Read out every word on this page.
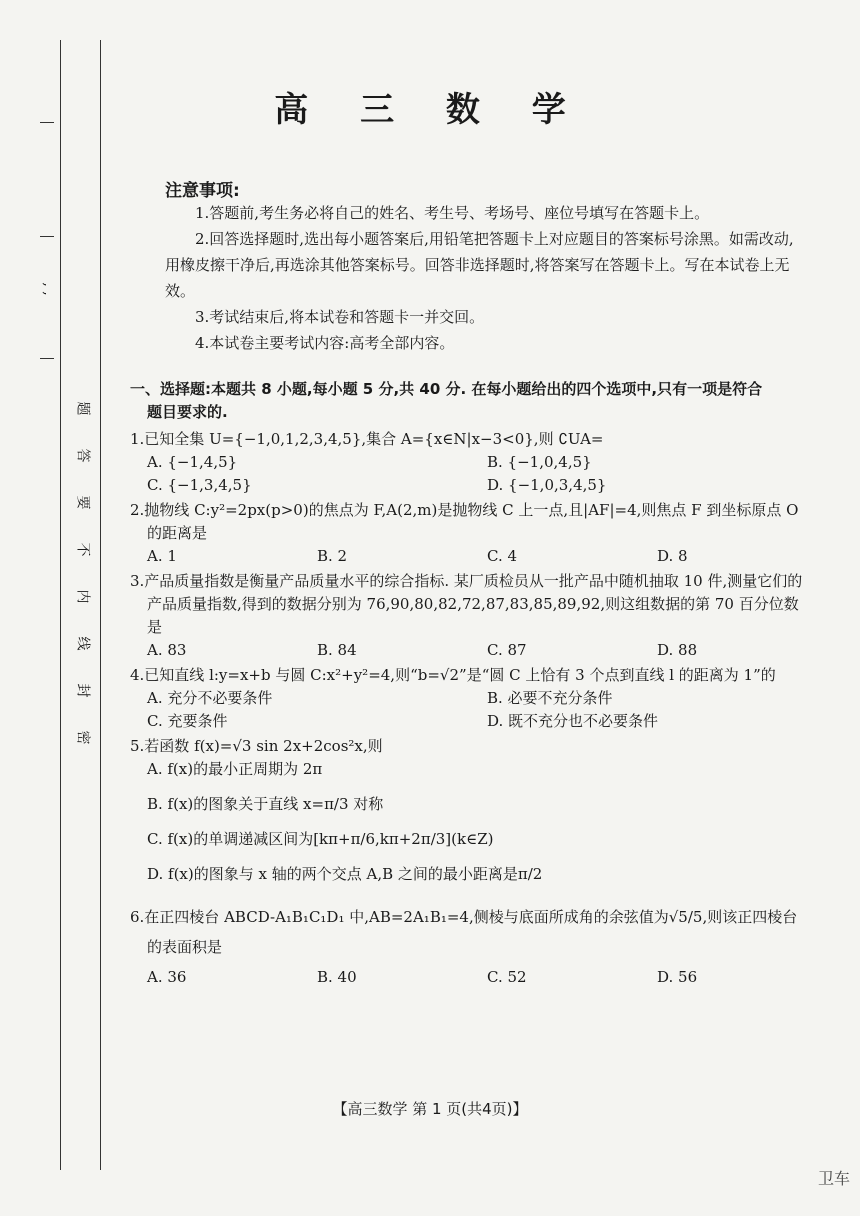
, ,
题
答
要
不
内
线
封
密
高 三 数 学
注意事项:

1.答题前,考生务必将自己的姓名、考生号、考场号、座位号填写在答题卡上。

2.回答选择题时,选出每小题答案后,用铅笔把答题卡上对应题目的答案标号涂黑。如需改动,用橡皮擦干净后,再选涂其他答案标号。回答非选择题时,将答案写在答题卡上。写在本试卷上无效。

3.考试结束后,将本试卷和答题卡一并交回。

4.本试卷主要考试内容:高考全部内容。

一、选择题:本题共 8 小题,每小题 5 分,共 40 分. 在每小题给出的四个选项中,只有一项是符合
题目要求的.
1.已知全集 U={−1,0,1,2,3,4,5},集合 A={x∈N|x−3<0},则 ∁UA=
A. {−1,4,5}	B. {−1,0,4,5}
C. {−1,3,4,5}	D. {−1,0,3,4,5}
2.抛物线 C:y²=2px(p>0)的焦点为 F,A(2,m)是抛物线 C 上一点,且|AF|=4,则焦点 F 到坐标原点 O 的距离是
A. 1	B. 2	C. 4	D. 8
3.产品质量指数是衡量产品质量水平的综合指标. 某厂质检员从一批产品中随机抽取 10 件,测量它们的产品质量指数,得到的数据分别为 76,90,80,82,72,87,83,85,89,92,则这组数据的第 70 百分位数是
A. 83	B. 84	C. 87	D. 88
4.已知直线 l:y=x+b 与圆 C:x²+y²=4,则“b=√2”是“圆 C 上恰有 3 个点到直线 l 的距离为 1”的
A. 充分不必要条件	B. 必要不充分条件
C. 充要条件	D. 既不充分也不必要条件
5.若函数 f(x)=√3 sin 2x+2cos²x,则
A. f(x)的最小正周期为 2π
B. f(x)的图象关于直线 x=π/3 对称
C. f(x)的单调递减区间为[kπ+π/6,kπ+2π/3](k∈Z)
D. f(x)的图象与 x 轴的两个交点 A,B 之间的最小距离是π/2
6.在正四棱台 ABCD-A₁B₁C₁D₁ 中,AB=2A₁B₁=4,侧棱与底面所成角的余弦值为√5/5,则该正四棱台的表面积是
A. 36	B. 40	C. 52	D. 56
【高三数学 第 1 页(共4页)】
卫车
